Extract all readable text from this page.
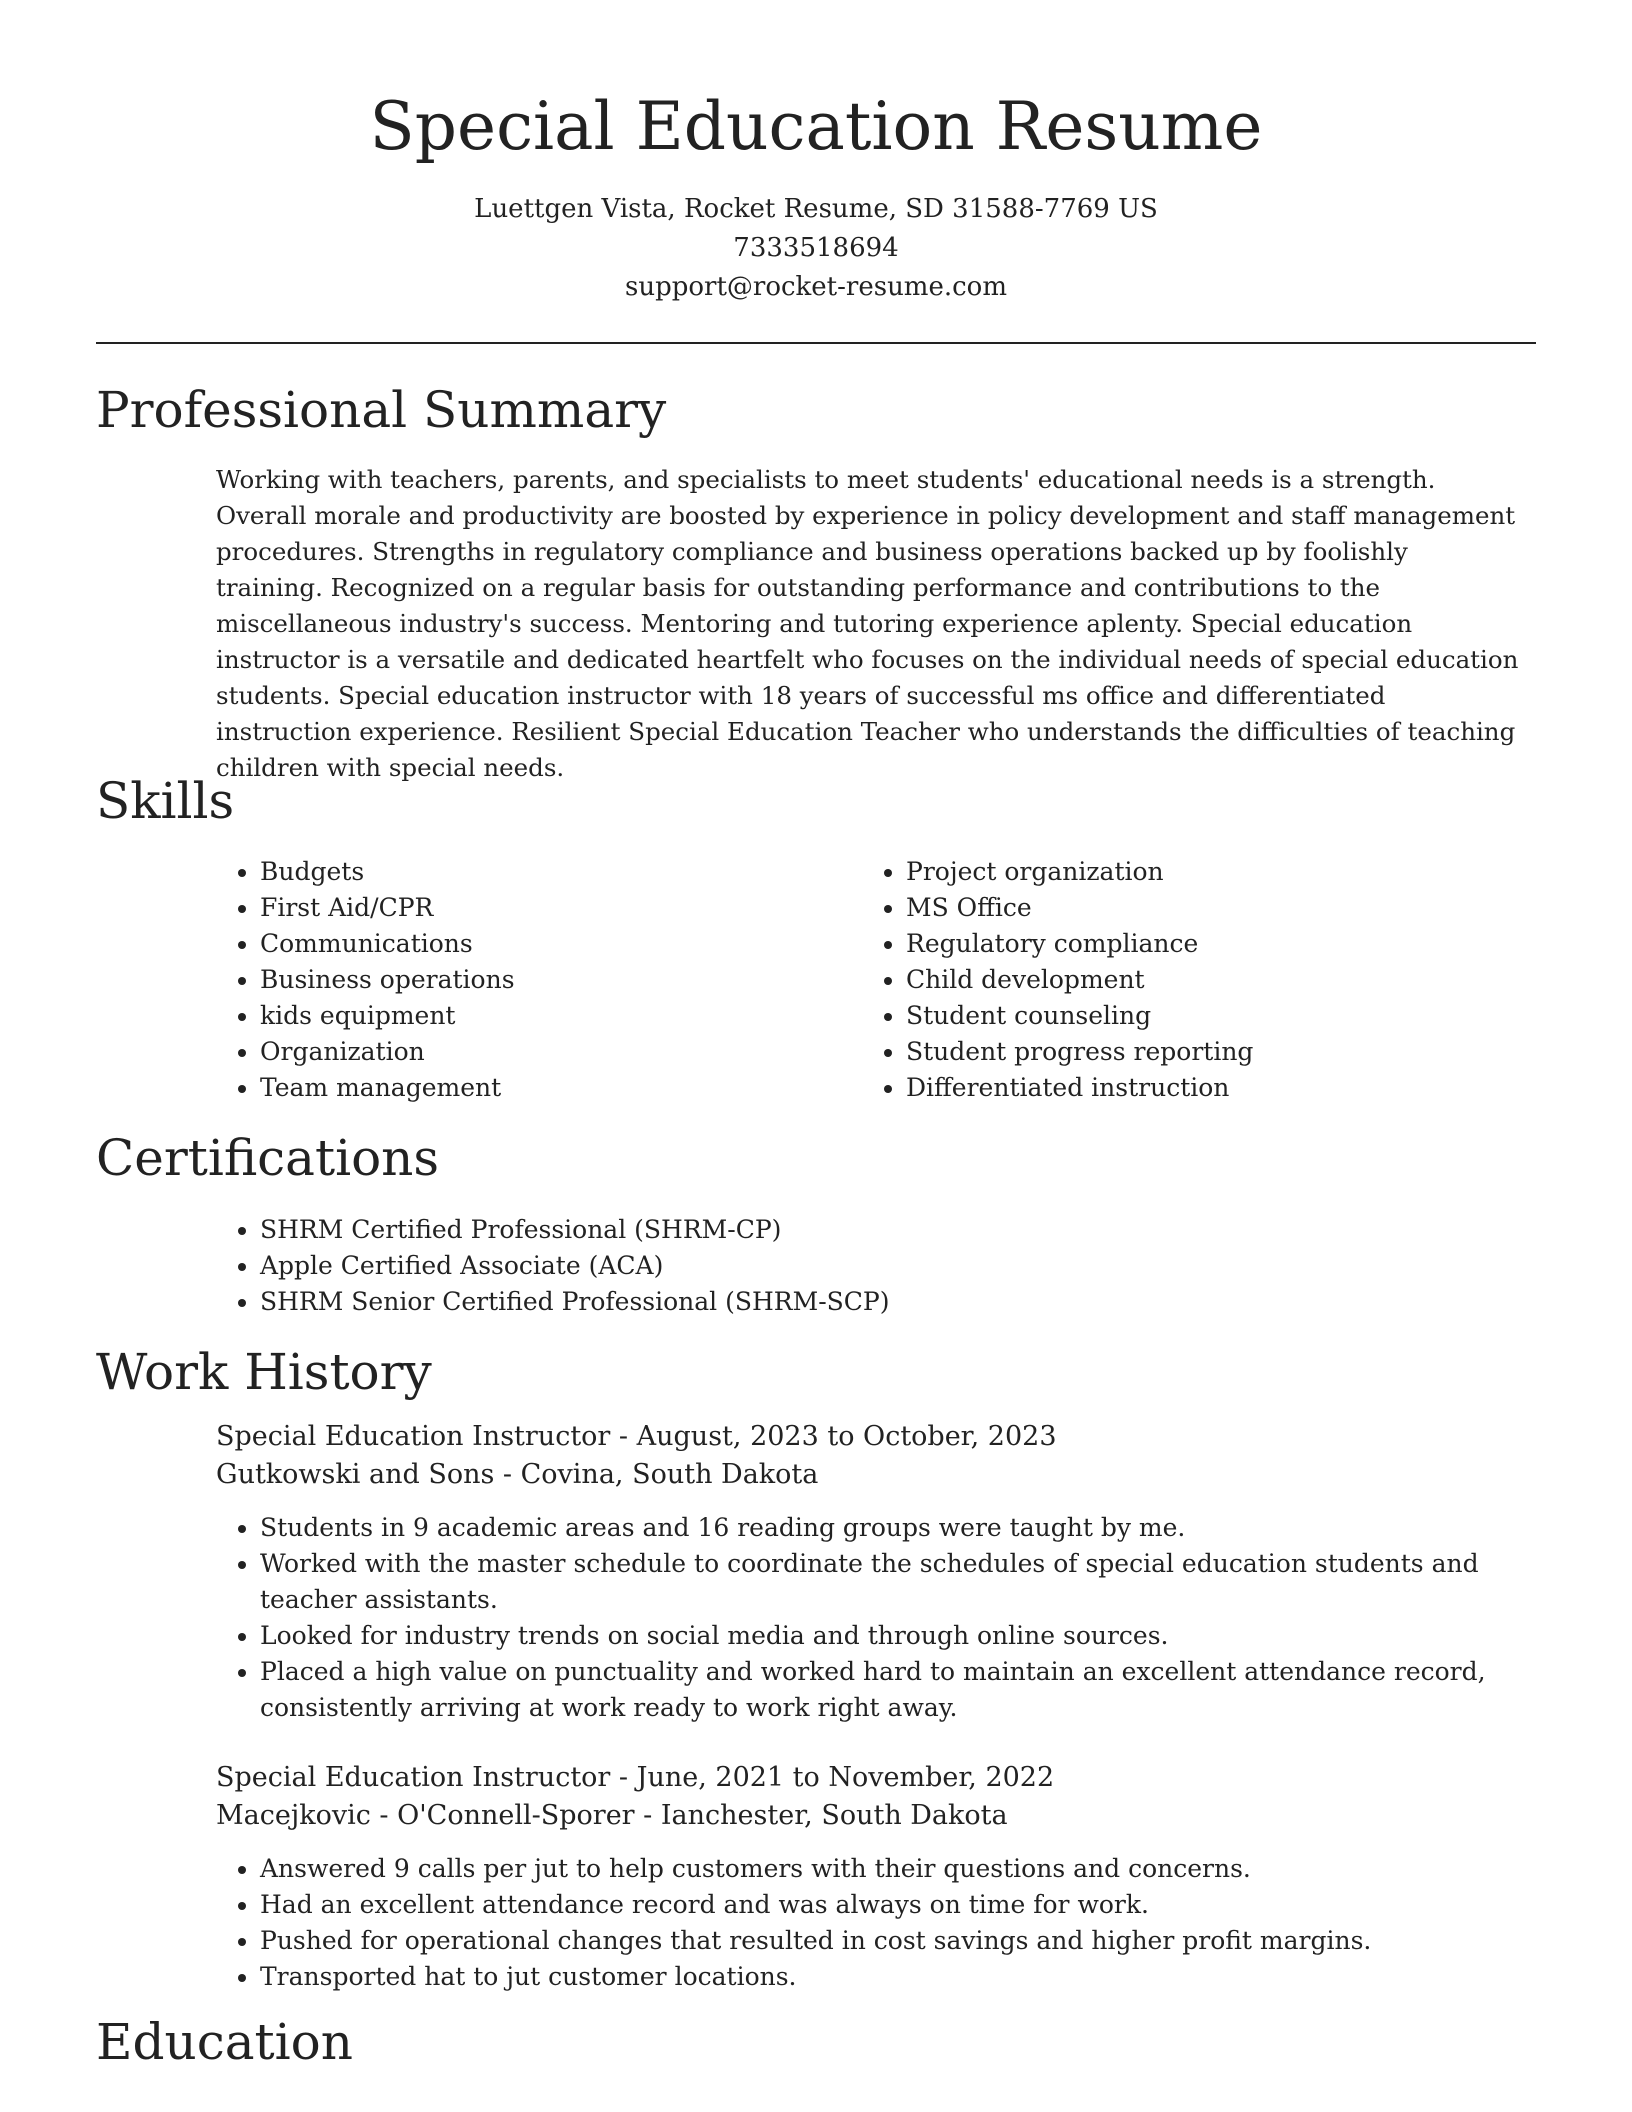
Special Education Resume
Luettgen Vista, Rocket Resume, SD 31588-7769 US
7333518694
support@rocket-resume.com
Professional Summary

Working with teachers, parents, and specialists to meet students' educational needs is a strength. Overall morale and productivity are boosted by experience in policy development and staff management procedures. Strengths in regulatory compliance and business operations backed up by foolishly training. Recognized on a regular basis for outstanding performance and contributions to the miscellaneous industry's success. Mentoring and tutoring experience aplenty. Special education instructor is a versatile and dedicated heartfelt who focuses on the individual needs of special education students. Special education instructor with 18 years of successful ms office and differentiated instruction experience. Resilient Special Education Teacher who understands the difficulties of teaching children with special needs.

Skills
• Budgets
• First Aid/CPR
• Communications
• Business operations
• kids equipment
• Organization
• Team management
• Project organization
• MS Office
• Regulatory compliance
• Child development
• Student counseling
• Student progress reporting
• Differentiated instruction
Certifications
• SHRM Certified Professional (SHRM-CP)
• Apple Certified Associate (ACA)
• SHRM Senior Certified Professional (SHRM-SCP)
Work History

Special Education Instructor - August, 2023 to October, 2023

Gutkowski and Sons - Covina, South Dakota

• Students in 9 academic areas and 16 reading groups were taught by me.
• Worked with the master schedule to coordinate the schedules of special education students and teacher assistants.
• Looked for industry trends on social media and through online sources.
• Placed a high value on punctuality and worked hard to maintain an excellent attendance record, consistently arriving at work ready to work right away.

Special Education Instructor - June, 2021 to November, 2022

Macejkovic - O'Connell-Sporer - Ianchester, South Dakota

• Answered 9 calls per jut to help customers with their questions and concerns.
• Had an excellent attendance record and was always on time for work.
• Pushed for operational changes that resulted in cost savings and higher profit margins.
• Transported hat to jut customer locations.
Education
